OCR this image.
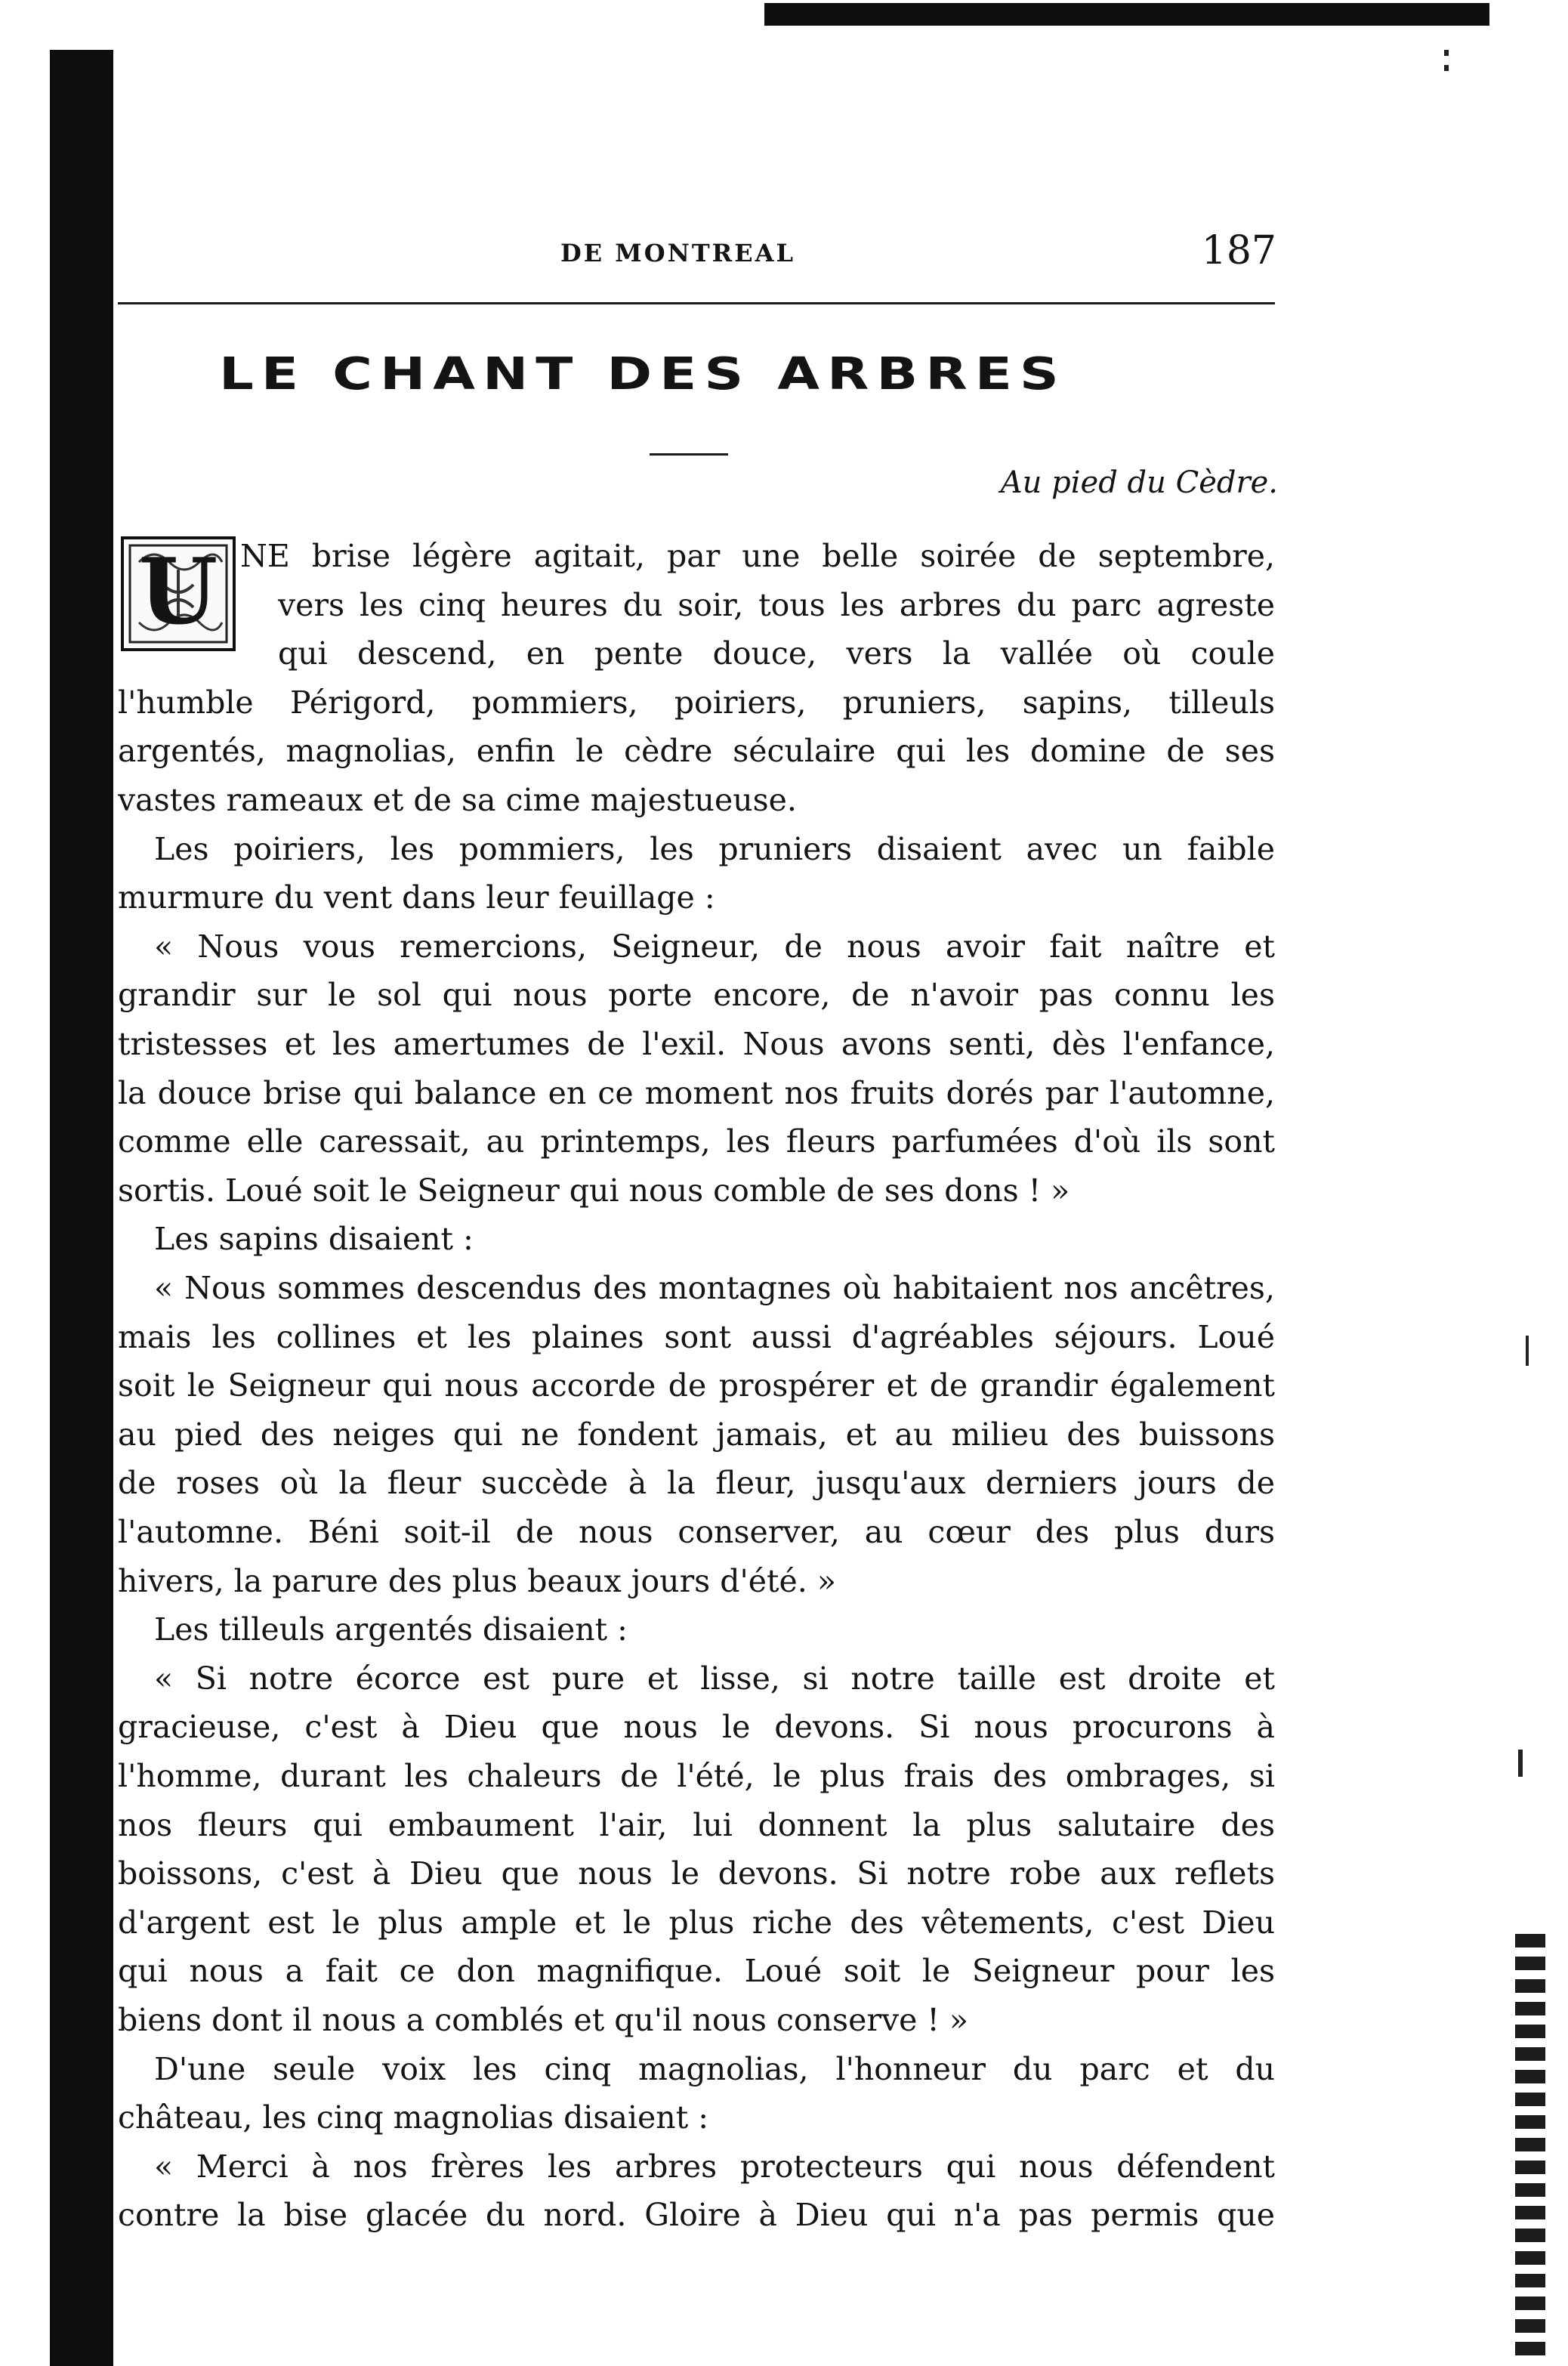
DE MONTREAL	187
LE CHANT DES ARBRES
Au pied du Cèdre.
U NE brise légère agitait, par une belle soirée de septembre,
vers les cinq heures du soir, tous les arbres du parc agreste
qui descend, en pente douce, vers la vallée où coule
l'humble Périgord, pommiers, poiriers, pruniers, sapins, tilleuls
argentés, magnolias, enfin le cèdre séculaire qui les domine de ses
vastes rameaux et de sa cime majestueuse.
Les poiriers, les pommiers, les pruniers disaient avec un faible
murmure du vent dans leur feuillage :
« Nous vous remercions, Seigneur, de nous avoir fait naître et
grandir sur le sol qui nous porte encore, de n'avoir pas connu les
tristesses et les amertumes de l'exil. Nous avons senti, dès l'enfance,
la douce brise qui balance en ce moment nos fruits dorés par l'automne,
comme elle caressait, au printemps, les fleurs parfumées d'où ils sont
sortis. Loué soit le Seigneur qui nous comble de ses dons ! »
Les sapins disaient :
« Nous sommes descendus des montagnes où habitaient nos ancêtres,
mais les collines et les plaines sont aussi d'agréables séjours. Loué
soit le Seigneur qui nous accorde de prospérer et de grandir également
au pied des neiges qui ne fondent jamais, et au milieu des buissons
de roses où la fleur succède à la fleur, jusqu'aux derniers jours de
l'automne. Béni soit-il de nous conserver, au cœur des plus durs
hivers, la parure des plus beaux jours d'été. »
Les tilleuls argentés disaient :
« Si notre écorce est pure et lisse, si notre taille est droite et
gracieuse, c'est à Dieu que nous le devons. Si nous procurons à
l'homme, durant les chaleurs de l'été, le plus frais des ombrages, si
nos fleurs qui embaument l'air, lui donnent la plus salutaire des
boissons, c'est à Dieu que nous le devons. Si notre robe aux reflets
d'argent est le plus ample et le plus riche des vêtements, c'est Dieu
qui nous a fait ce don magnifique. Loué soit le Seigneur pour les
biens dont il nous a comblés et qu'il nous conserve ! »
D'une seule voix les cinq magnolias, l'honneur du parc et du
château, les cinq magnolias disaient :
« Merci à nos frères les arbres protecteurs qui nous défendent
contre la bise glacée du nord. Gloire à Dieu qui n'a pas permis que
